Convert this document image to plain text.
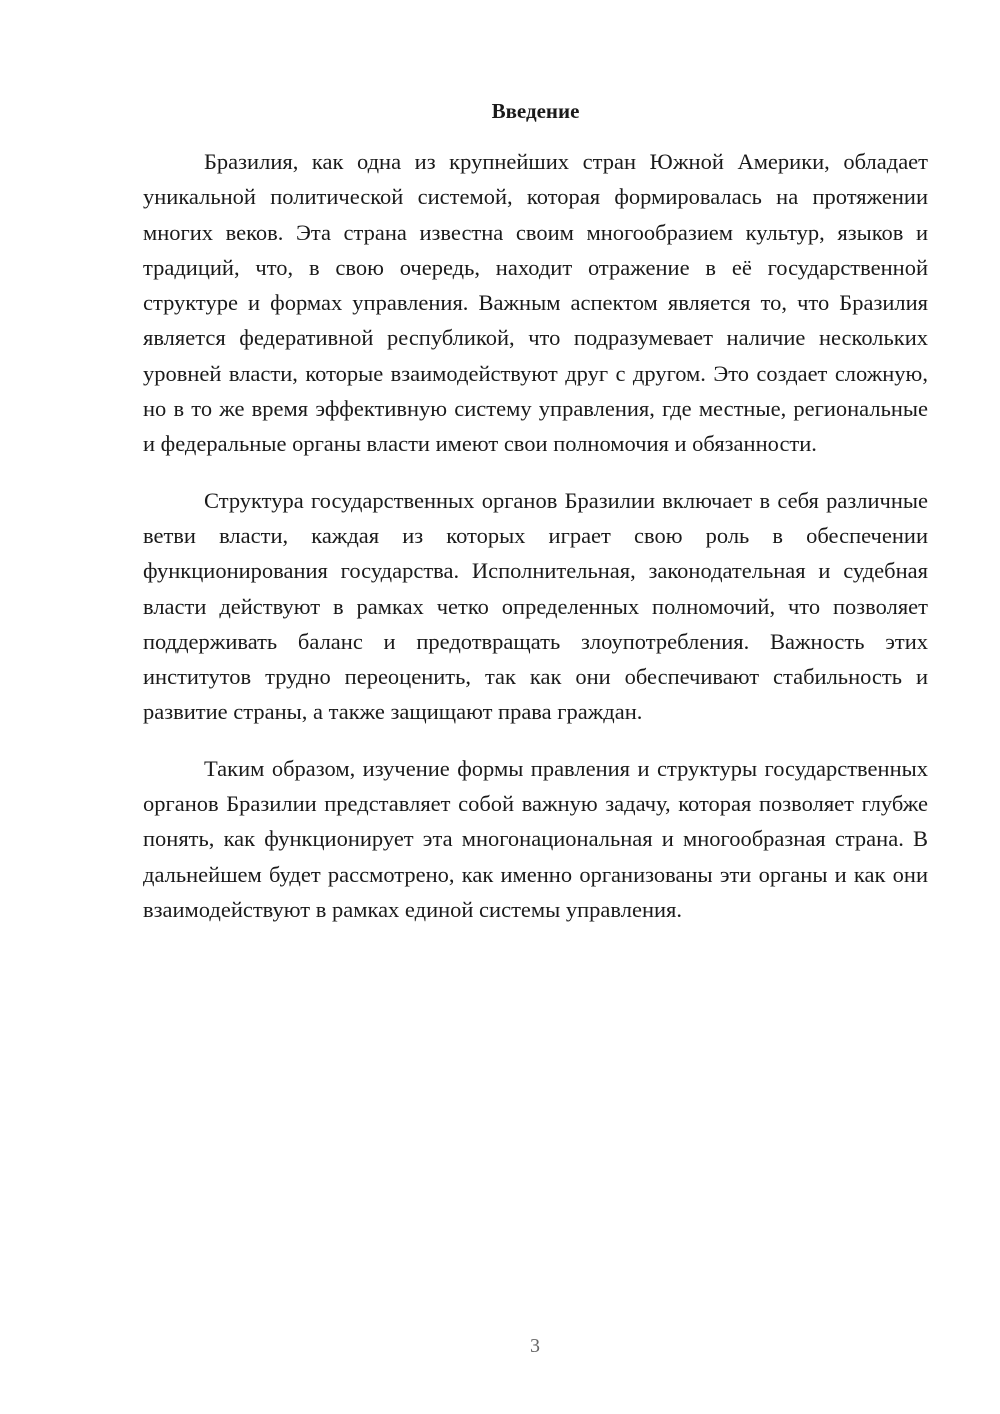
Введение

Бразилия, как одна из крупнейших стран Южной Америки, обладает уникальной политической системой, которая формировалась на протяжении многих веков. Эта страна известна своим многообразием культур, языков и традиций, что, в свою очередь, находит отражение в её государственной структуре и формах управления. Важным аспектом является то, что Бразилия является федеративной республикой, что подразумевает наличие нескольких уровней власти, которые взаимодействуют друг с другом. Это создает сложную, но в то же время эффективную систему управления, где местные, региональные и федеральные органы власти имеют свои полномочия и обязанности.

Структура государственных органов Бразилии включает в себя различные ветви власти, каждая из которых играет свою роль в обеспечении функционирования государства. Исполнительная, законодательная и судебная власти действуют в рамках четко определенных полномочий, что позволяет поддерживать баланс и предотвращать злоупотребления. Важность этих институтов трудно переоценить, так как они обеспечивают стабильность и развитие страны, а также защищают права граждан.

Таким образом, изучение формы правления и структуры государственных органов Бразилии представляет собой важную задачу, которая позволяет глубже понять, как функционирует эта многонациональная и многообразная страна. В дальнейшем будет рассмотрено, как именно организованы эти органы и как они взаимодействуют в рамках единой системы управления.

3
